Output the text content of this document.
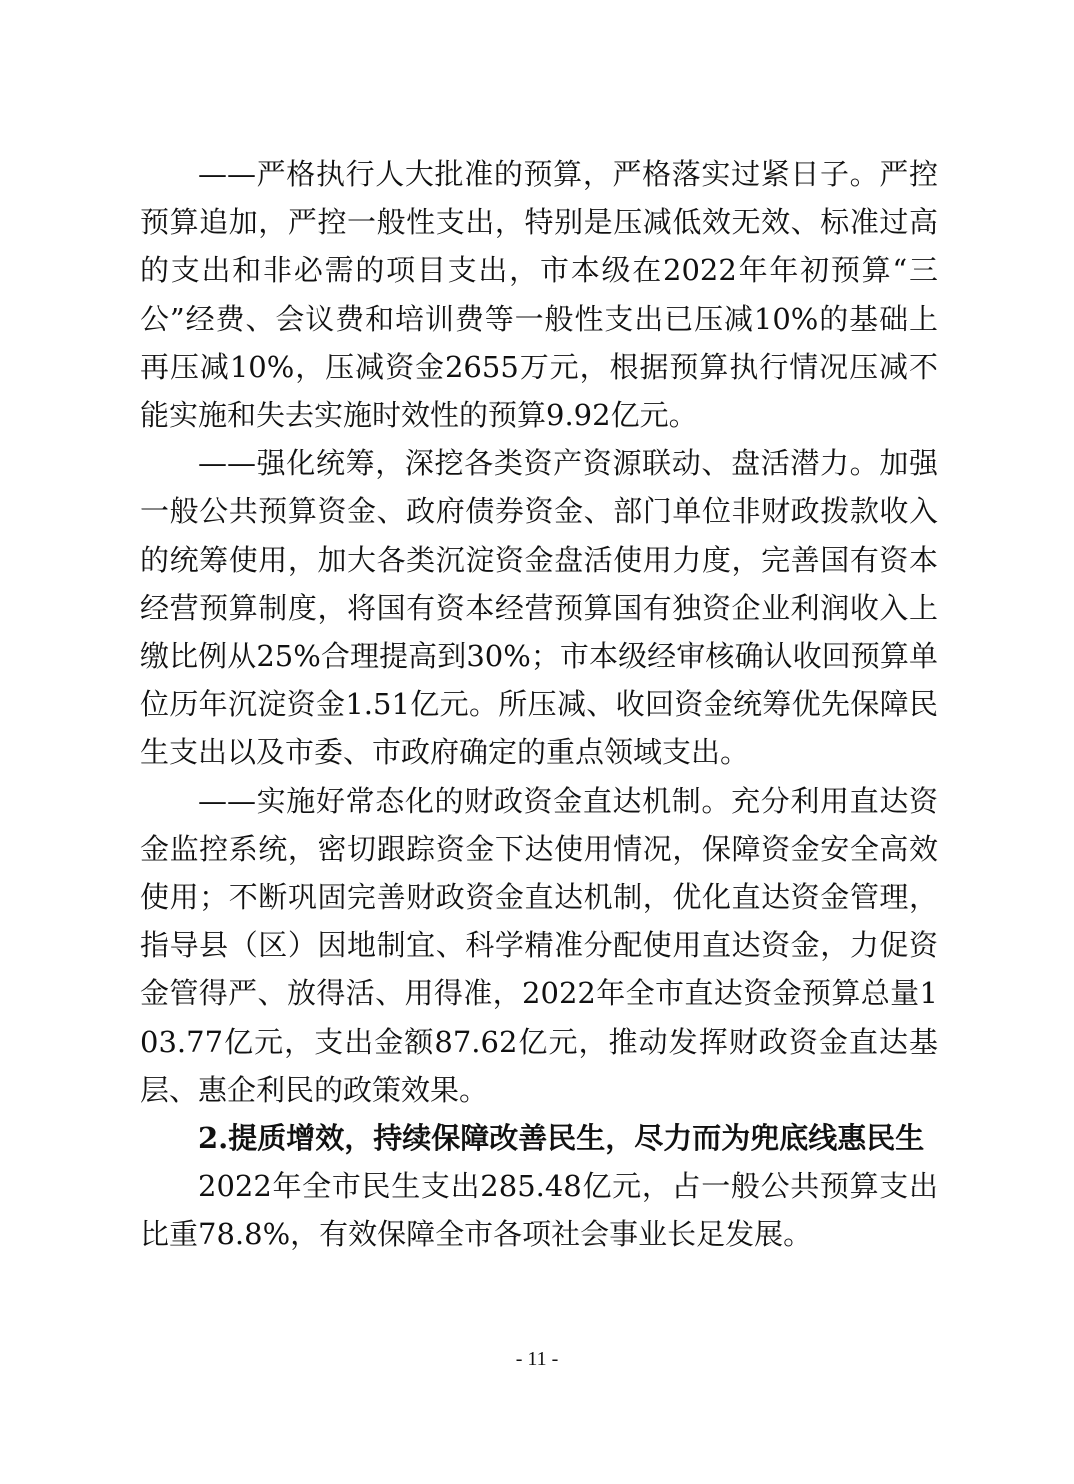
——严格执行人大批准的预算，严格落实过紧日子。严控预算追加，严控一般性支出，特别是压减低效无效、标准过高的支出和非必需的项目支出，市本级在2022年年初预算“三公”经费、会议费和培训费等一般性支出已压减10%的基础上再压减10%，压减资金2655万元，根据预算执行情况压减不能实施和失去实施时效性的预算9.92亿元。

——强化统筹，深挖各类资产资源联动、盘活潜力。加强一般公共预算资金、政府债券资金、部门单位非财政拨款收入的统筹使用，加大各类沉淀资金盘活使用力度，完善国有资本经营预算制度，将国有资本经营预算国有独资企业利润收入上缴比例从25%合理提高到30%；市本级经审核确认收回预算单位历年沉淀资金1.51亿元。所压减、收回资金统筹优先保障民生支出以及市委、市政府确定的重点领域支出。

——实施好常态化的财政资金直达机制。充分利用直达资金监控系统，密切跟踪资金下达使用情况，保障资金安全高效使用；不断巩固完善财政资金直达机制，优化直达资金管理，指导县（区）因地制宜、科学精准分配使用直达资金，力促资金管得严、放得活、用得准，2022年全市直达资金预算总量103.77亿元，支出金额87.62亿元，推动发挥财政资金直达基层、惠企利民的政策效果。

2.提质增效，持续保障改善民生，尽力而为兜底线惠民生

2022年全市民生支出285.48亿元，占一般公共预算支出比重78.8%，有效保障全市各项社会事业长足发展。

- 11 -
